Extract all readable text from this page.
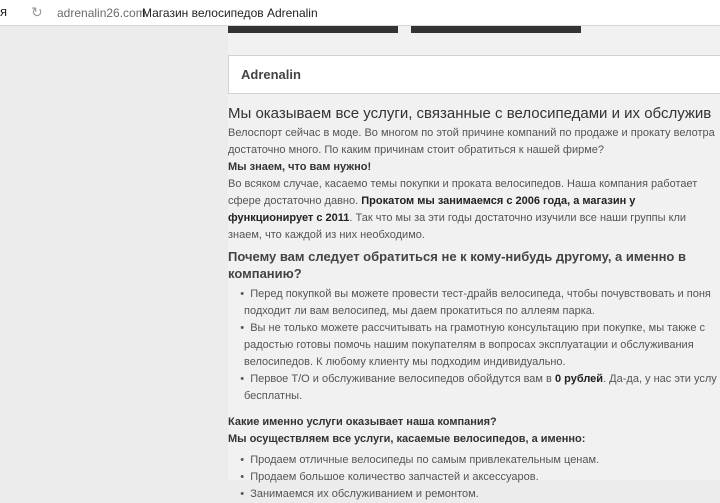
я ↻ adrenalin26.com
Магазин велосипедов Adrenalin
Adrenalin
Мы оказываем все услуги, связанные с велосипедами и их обслужив
Велоспорт сейчас в моде. Во многом по этой причине компаний по продаже и прокату велотра
достаточно много. По каким причинам стоит обратиться к нашей фирме?
Мы знаем, что вам нужно!
Во всяком случае, касаемо темы покупки и проката велосипедов. Наша компания работает
сфере достаточно давно. Прокатом мы занимаемся с 2006 года, а магазин у
функционирует с 2011. Так что мы за эти годы достаточно изучили все наши группы кли
знаем, что каждой из них необходимо.
Почему вам следует обратиться не к кому-нибудь другому, а именно в
компанию?
•  Перед покупкой вы можете провести тест-драйв велосипеда, чтобы почувствовать и поня
подходит ли вам велосипед, мы даем прокатиться по аллеям парка.
•  Вы не только можете рассчитывать на грамотную консультацию при покупке, мы также с
радостью готовы помочь нашим покупателям в вопросах эксплуатации и обслуживания
велосипедов. К любому клиенту мы подходим индивидуально.
•  Первое Т/О и обслуживание велосипедов обойдутся вам в 0 рублей. Да-да, у нас эти услу
бесплатны.
Какие именно услуги оказывает наша компания?
Мы осуществляем все услуги, касаемые велосипедов, а именно:
•  Продаем отличные велосипеды по самым привлекательным ценам.
•  Продаем большое количество запчастей и аксессуаров.
•  Занимаемся их обслуживанием и ремонтом.
